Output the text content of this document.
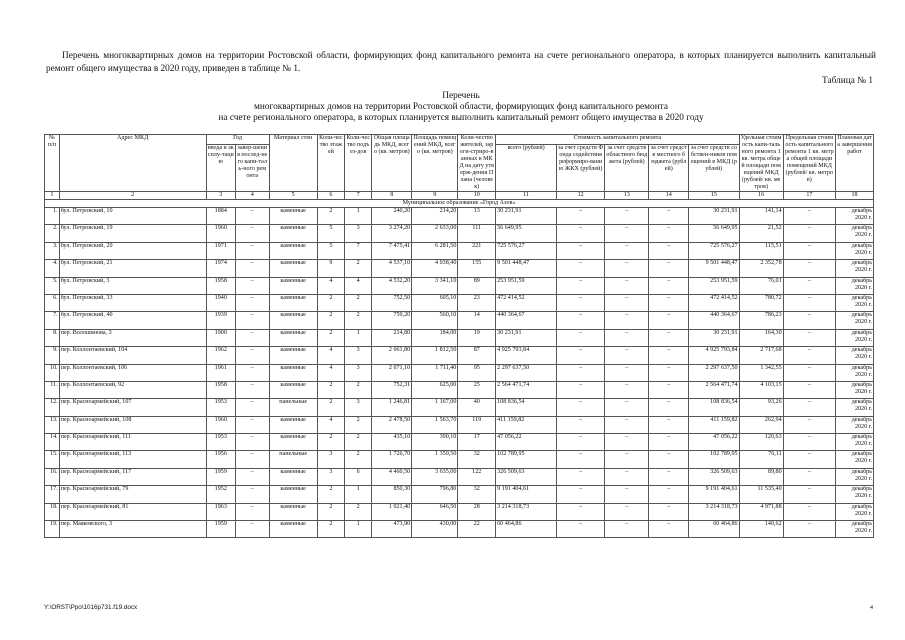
Перечень многоквартирных домов на территории Ростовской области, формирующих фонд капитального ремонта на счете регионального оператора, в которых планируется выполнить капитальный ремонт общего имущества в 2020 году, приведен в таблице № 1.
Таблица № 1
Перечень
многоквартирных домов на территории Ростовской области, формирующих фонд капитального ремонта
на счете регионального оператора, в которых планируется выполнить капитальный ремонт общего имущества в 2020 году
№ п/п	Адрес МКД	Год		Материал стен	Коли-чество этажей	Коли-чество подъез-дов	Общая площадь МКД, всего (кв. метров)	Площадь помещений МКД, всего (кв. метров)	Коли-чество жителей, зареги-стриро-ванных в МКД на дату утверж-дения Плана (человек)	Стоимость капитального ремонта					Удельная стоимость капи-тального ремонта 1 кв. метра общей площади помещений МКД (рублей/ кв. метров)	Предельная стоимость капитального ремонта 1 кв. метра общей площади помещений МКД (рублей/ кв. метров)	Плановая дата завершения работ
		ввода в эксплу-тацию	завер-шения послед-него капи-таль-ного ремонта							всего (рублей)	за счет средств Фонда содействия реформиро-ванию ЖКХ (рублей)	за счет средств областного бюджета (рублей)	за счет средств местного бюджета (рублей)	за счет средств собствен-ников помещений в МКД (рублей)			
1	2	3	4	5	6	7	8	9	10	11	12	13	14	15	16	17	18
Муниципальное образование «Город Азов»																	
1.	бул. Петровский, 10	1884	–	каменные	2	1	240,20	214,20	13	30 231,91	–	–	–	30 231,91	141,14	–	декабрь
2020 г.

2.	бул. Петровский, 19	1960	–	каменные	5	3	3 274,20	2 633,00	111	56 649,95	–	–	–	56 649,95	21,52	–	декабрь
2020 г.

3.	бул. Петровский, 20	1971	–	каменные	5	7	7 475,41	6 281,50	221	725 576,27	–	–	–	725 576,27	115,51	–	декабрь
2020 г.

4.	бул. Петровский, 21	1974	–	каменные	9	2	4 537,10	4 038,40	155	9 501 448,47	–	–	–	9 501 448,47	2 352,78	–	декабрь
2020 г.

5.	бул. Петровский, 3	1958	–	каменные	4	4	4 532,20	3 341,10	89	253 951,59	–	–	–	253 951,59	76,01	–	декабрь
2020 г.

6.	бул. Петровский, 33	1940	–	каменные	2	2	752,50	605,10	23	472 414,52	–	–	–	472 414,52	780,72	–	декабрь
2020 г.

7.	бул. Петровский, 40	1939	–	каменные	2	2	759,20	560,10	14	440 364,67	–	–	–	440 364,67	786,23	–	декабрь
2020 г.

8.	пер. Волошинова, 3	1900	–	каменные	2	1	214,80	184,00	19	30 231,91	–	–	–	30 231,91	164,30	–	декабрь
2020 г.

9.	пер. Коллонтаевский, 104	1962	–	каменные	4	3	2 061,80	1 812,50	87	4 925 793,84	–	–	–	4 925 793,84	2 717,68	–	декабрь
2020 г.

10.	пер. Коллонтаевский, 106	1961	–	каменные	4	3	2 071,10	1 711,40	95	2 297 637,50	–	–	–	2 297 637,50	1 342,55	–	декабрь
2020 г.

11.	пер. Коллонтаевский, 92	1958	–	каменные	2	2	752,31	625,00	25	2 564 471,74	–	–	–	2 564 471,74	4 103,15	–	декабрь
2020 г.

12.	пер. Красноармейский, 107	1953	–	панельные	2	3	1 246,81	1 167,00	40	108 836,54	–	–	–	108 836,54	93,26	–	декабрь
2020 г.

13.	пер. Красноармейский, 108	1960	–	каменные	4	2	2 478,50	1 563,70	119	411 159,82	–	–	–	411 159,82	262,94	–	декабрь
2020 г.

14.	пер. Красноармейский, 111	1953	–	каменные	2	2	435,10	390,10	17	47 056,22	–	–	–	47 056,22	120,63	–	декабрь
2020 г.

15.	пер. Красноармейский, 113	1956	–	панельные	3	2	1 726,70	1 350,50	32	102 789,95	–	–	–	102 789,95	76,11	–	декабрь
2020 г.

16.	пер. Красноармейский, 117	1959	–	каменные	3	6	4 460,50	3 635,00	122	326 509,63	–	–	–	326 509,63	89,80	–	декабрь
2020 г.

17.	пер. Красноармейский, 79	1952	–	каменные	2	1	850,30	796,80	32	9 191 404,61	–	–	–	9 191 404,61	11 535,40	–	декабрь
2020 г.

18.	пер. Красноармейский, 81	1963	–	каменные	2	2	1 021,40	646,50	28	3 214 318,73	–	–	–	3 214 318,73	4 971,88	–	декабрь
2020 г.

19.	пер. Маяковского, 3	1959	–	каменные	2	1	473,90	430,00	22	60 464,86	–	–	–	60 464,86	140,62	–	декабрь
2020 г.
Y:\ORST\Ppo\1016p731.f19.docx	4
